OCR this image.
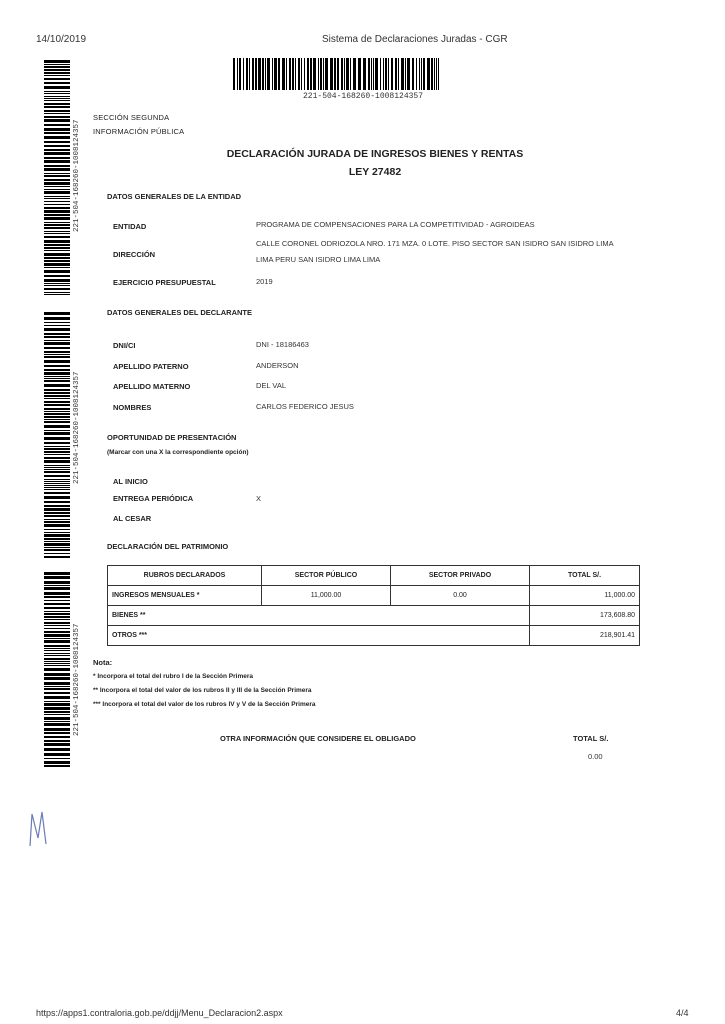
14/10/2019	Sistema de Declaraciones Juradas - CGR
221-504-168260-1008124357
221-504-168260-1008124357
221-504-168260-1008124357
221-504-168260-1008124357
SECCIÓN SEGUNDA
INFORMACIÓN PÚBLICA
DECLARACIÓN JURADA DE INGRESOS BIENES Y RENTAS
LEY 27482
DATOS GENERALES DE LA ENTIDAD
ENTIDAD	PROGRAMA DE COMPENSACIONES PARA LA COMPETITIVIDAD - AGROIDEAS
DIRECCIÓN
CALLE CORONEL ODRIOZOLA NRO. 171 MZA. 0 LOTE. PISO SECTOR SAN ISIDRO SAN ISIDRO LIMA
LIMA PERU SAN ISIDRO LIMA LIMA
EJERCICIO PRESUPUESTAL	2019
DATOS GENERALES DEL DECLARANTE
DNI/CI	DNI - 18186463
APELLIDO PATERNO	ANDERSON
APELLIDO MATERNO	DEL VAL
NOMBRES	CARLOS FEDERICO JESUS
OPORTUNIDAD DE PRESENTACIÓN
(Marcar con una X la correspondiente opción)
AL INICIO
ENTREGA PERIÓDICA	X
AL CESAR
DECLARACIÓN DEL PATRIMONIO
RUBROS DECLARADOS	SECTOR PÚBLICO	SECTOR PRIVADO	TOTAL S/.
INGRESOS MENSUALES *	11,000.00	0.00	11,000.00
BIENES **			173,608.80
OTROS ***			218,901.41
Nota:
* Incorpora el total del rubro I de la Sección Primera
** Incorpora el total del valor de los rubros II y III de la Sección Primera
*** Incorpora el total del valor de los rubros IV y V de la Sección Primera
OTRA INFORMACIÓN QUE CONSIDERE EL OBLIGADO	TOTAL S/.
0.00
https://apps1.contraloria.gob.pe/ddjj/Menu_Declaracion2.aspx	4/4
